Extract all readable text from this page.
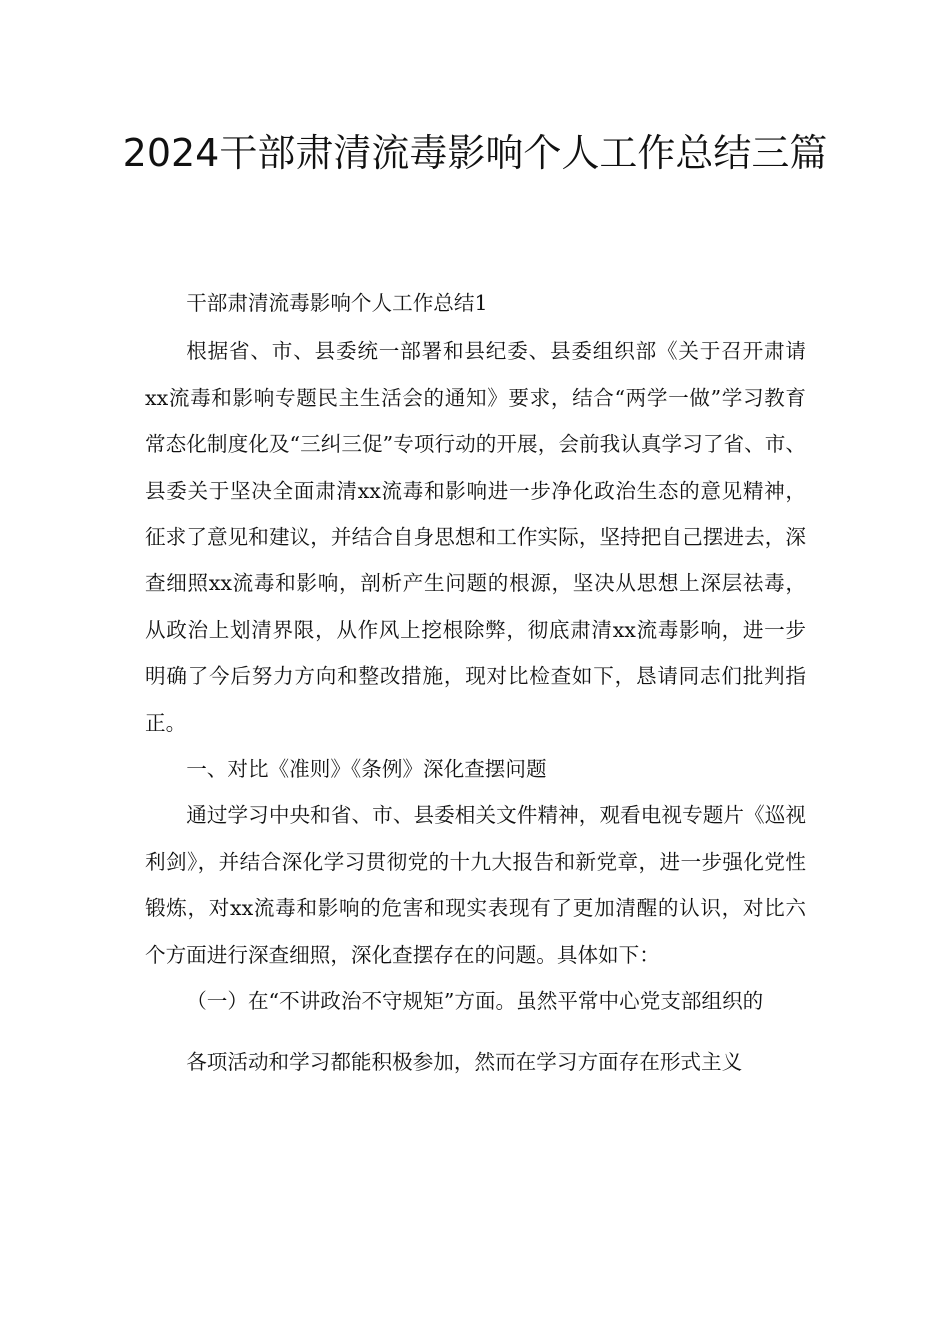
2024干部肃清流毒影响个人工作总结三篇

干部肃清流毒影响个人工作总结1

根据省、市、县委统一部署和县纪委、县委组织部《关于召开肃请xx流毒和影响专题民主生活会的通知》要求，结合“两学一做”学习教育常态化制度化及“三纠三促”专项行动的开展，会前我认真学习了省、市、县委关于坚决全面肃清xx流毒和影响进一步净化政治生态的意见精神，征求了意见和建议，并结合自身思想和工作实际，坚持把自己摆进去，深查细照xx流毒和影响，剖析产生问题的根源，坚决从思想上深层祛毒，从政治上划清界限，从作风上挖根除弊，彻底肃清xx流毒影响，进一步明确了今后努力方向和整改措施，现对比检查如下，恳请同志们批判指正。

一、对比《准则》《条例》深化查摆问题

通过学习中央和省、市、县委相关文件精神，观看电视专题片《巡视利剑》，并结合深化学习贯彻党的十九大报告和新党章，进一步强化党性锻炼，对xx流毒和影响的危害和现实表现有了更加清醒的认识，对比六个方面进行深查细照，深化查摆存在的问题。具体如下：

（一）在“不讲政治不守规矩”方面。虽然平常中心党支部组织的

各项活动和学习都能积极参加，然而在学习方面存在形式主义
